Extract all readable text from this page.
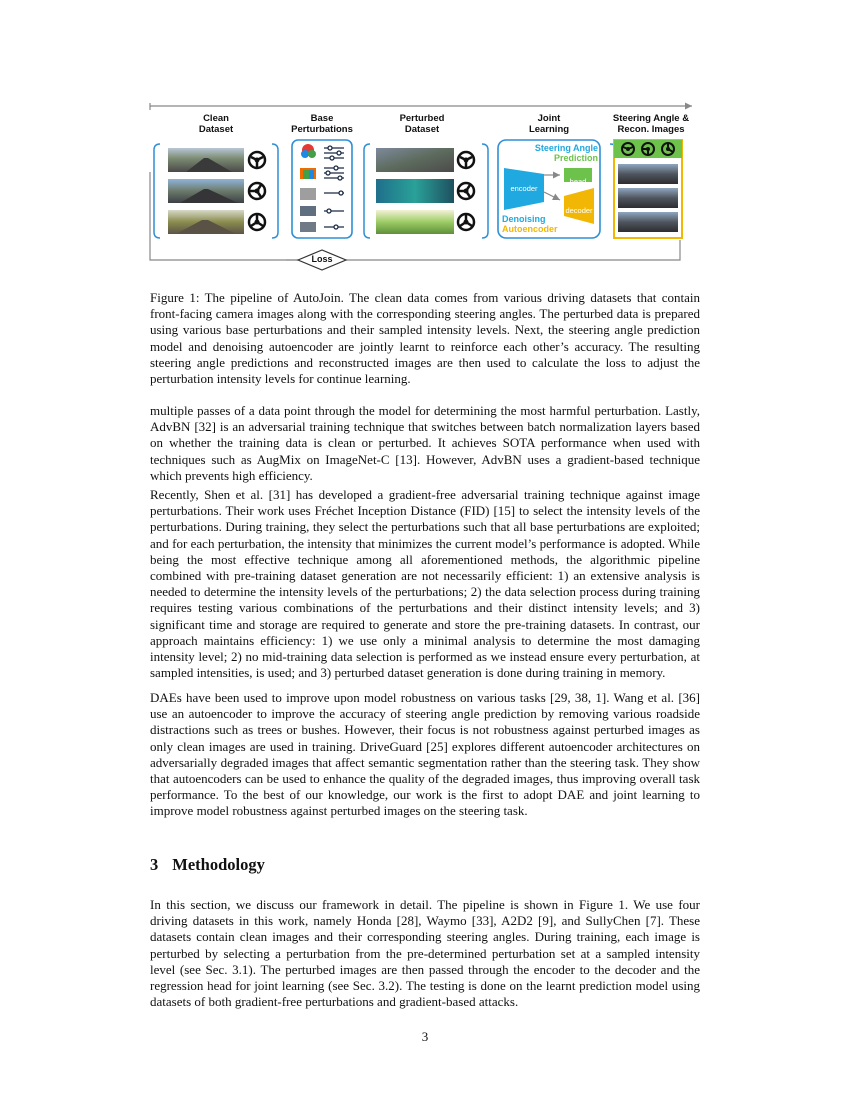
Clean
Dataset
Base
Perturbations
Perturbed
Dataset
Joint
Learning
Steering Angle &
Recon. Images
Steering Angle
Prediction
encoder
head
decoder
Denoising
Autoencoder
Loss

Figure 1: The pipeline of AutoJoin. The clean data comes from various driving datasets that contain front-facing camera images along with the corresponding steering angles. The perturbed data is prepared using various base perturbations and their sampled intensity levels. Next, the steering angle prediction model and denoising autoencoder are jointly learnt to reinforce each other’s accuracy. The resulting steering angle predictions and reconstructed images are then used to calculate the loss to adjust the perturbation intensity levels for continue learning.

multiple passes of a data point through the model for determining the most harmful perturbation. Lastly, AdvBN [32] is an adversarial training technique that switches between batch normalization layers based on whether the training data is clean or perturbed. It achieves SOTA performance when used with techniques such as AugMix on ImageNet-C [13]. However, AdvBN uses a gradient-based technique which prevents high efficiency.

Recently, Shen et al. [31] has developed a gradient-free adversarial training technique against image perturbations. Their work uses Fréchet Inception Distance (FID) [15] to select the intensity levels of the perturbations. During training, they select the perturbations such that all base perturbations are exploited; and for each perturbation, the intensity that minimizes the current model’s performance is adopted. While being the most effective technique among all aforementioned methods, the algorithmic pipeline combined with pre-training dataset generation are not necessarily efficient: 1) an extensive analysis is needed to determine the intensity levels of the perturbations; 2) the data selection process during training requires testing various combinations of the perturbations and their distinct intensity levels; and 3) significant time and storage are required to generate and store the pre-training datasets. In contrast, our approach maintains efficiency: 1) we use only a minimal analysis to determine the most damaging intensity level; 2) no mid-training data selection is performed as we instead ensure every perturbation, at sampled intensities, is used; and 3) perturbed dataset generation is done during training in memory.

DAEs have been used to improve upon model robustness on various tasks [29, 38, 1]. Wang et al. [36] use an autoencoder to improve the accuracy of steering angle prediction by removing various roadside distractions such as trees or bushes. However, their focus is not robustness against perturbed images as only clean images are used in training. DriveGuard [25] explores different autoencoder architectures on adversarially degraded images that affect semantic segmentation rather than the steering task. They show that autoencoders can be used to enhance the quality of the degraded images, thus improving overall task performance. To the best of our knowledge, our work is the first to adopt DAE and joint learning to improve model robustness against perturbed images on the steering task.

3 Methodology

In this section, we discuss our framework in detail. The pipeline is shown in Figure 1. We use four driving datasets in this work, namely Honda [28], Waymo [33], A2D2 [9], and SullyChen [7]. These datasets contain clean images and their corresponding steering angles. During training, each image is perturbed by selecting a perturbation from the pre-determined perturbation set at a sampled intensity level (see Sec. 3.1). The perturbed images are then passed through the encoder to the decoder and the regression head for joint learning (see Sec. 3.2). The testing is done on the learnt prediction model using datasets of both gradient-free perturbations and gradient-based attacks.

3
